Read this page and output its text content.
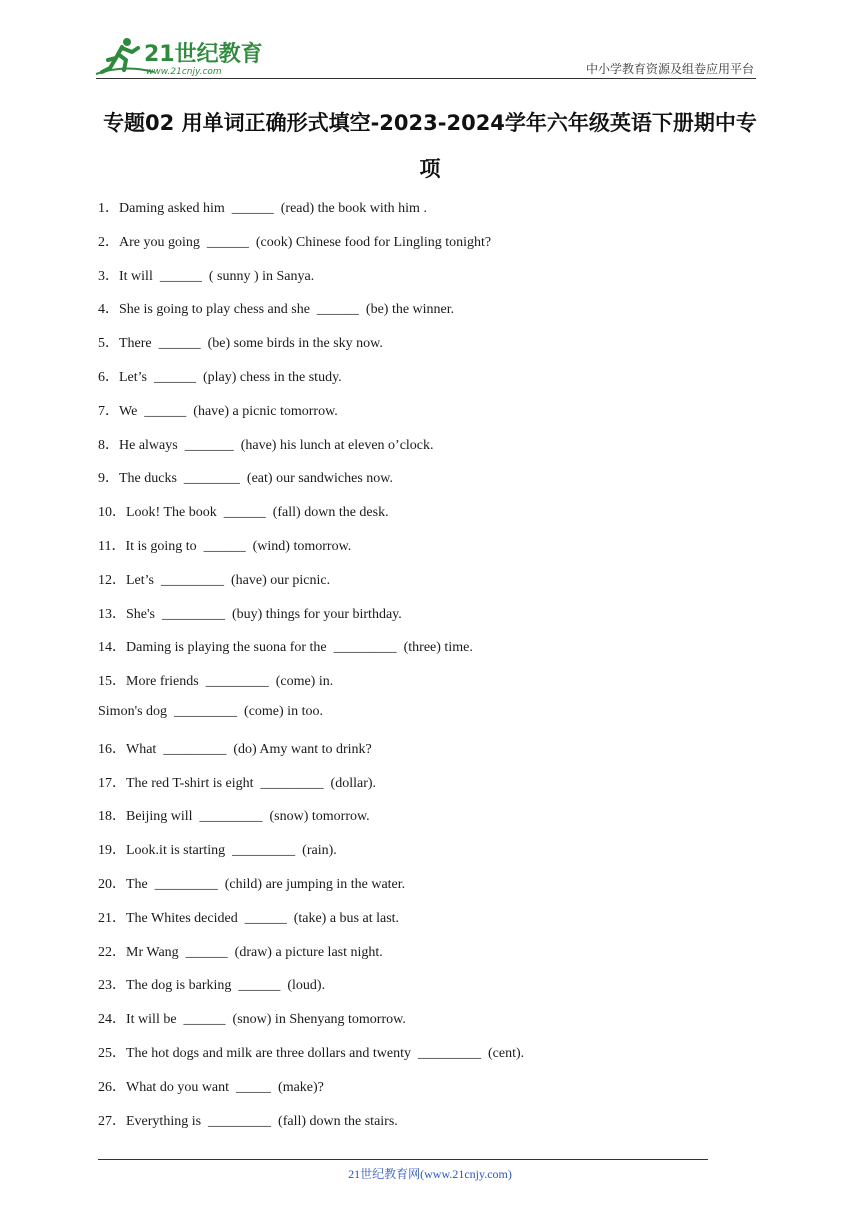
21世纪教育
www.21cnjy.com	中小学教育资源及组卷应用平台
专题02 用单词正确形式填空-2023-2024学年六年级英语下册期中专项
1．Daming asked him  ______  (read) the book with him .
2．Are you going  ______  (cook) Chinese food for Lingling tonight?
3．It will  ______  ( sunny ) in Sanya.
4．She is going to play chess and she  ______  (be) the winner.
5．There  ______  (be) some birds in the sky now.
6．Let’s  ______  (play) chess in the study.
7．We  ______  (have) a picnic tomorrow.
8．He always  _______  (have) his lunch at eleven o’clock.
9．The ducks  ________  (eat) our sandwiches now.
10．Look! The book  ______  (fall) down the desk.
11．It is going to  ______  (wind) tomorrow.
12．Let’s  _________  (have) our picnic.
13．She's  _________  (buy) things for your birthday.
14．Daming is playing the suona for the  _________  (three) time.
15．More friends  _________  (come) in.
Simon's dog  _________  (come) in too.
16．What  _________  (do) Amy want to drink?
17．The red T-shirt is eight  _________  (dollar).
18．Beijing will  _________  (snow) tomorrow.
19．Look.it is starting  _________  (rain).
20．The  _________  (child) are jumping in the water.
21．The Whites decided  ______  (take) a bus at last.
22．Mr Wang  ______  (draw) a picture last night.
23．The dog is barking  ______  (loud).
24．It will be  ______  (snow) in Shenyang tomorrow.
25．The hot dogs and milk are three dollars and twenty  _________  (cent).
26．What do you want  _____  (make)?
27．Everything is  _________  (fall) down the stairs.
21世纪教育网(www.21cnjy.com)
